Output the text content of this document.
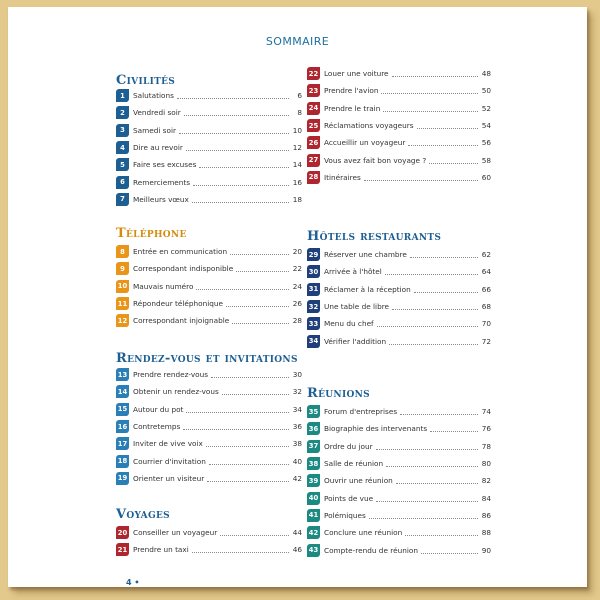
SOMMAIRE
Civilités
1	Salutations	6
2	Vendredi soir	8
3	Samedi soir	10
4	Dire au revoir	12
5	Faire ses excuses	14
6	Remerciements	16
7	Meilleurs vœux	18
Téléphone
8	Entrée en communication	20
9	Correspondant indisponible	22
10 Mauvais numéro	24
11 Répondeur téléphonique	26
12 Correspondant injoignable	28
Rendez-vous et invitations
13 Prendre rendez-vous	30
14 Obtenir un rendez-vous	32
15 Autour du pot	34
16 Contretemps	36
17 Inviter de vive voix	38
18 Courrier d'invitation	40
19 Orienter un visiteur	42
Voyages
20 Conseiller un voyageur	44
21 Prendre un taxi	46
22 Louer une voiture	48
23 Prendre l'avion	50
24 Prendre le train	52
25 Réclamations voyageurs	54
26 Accueillir un voyageur	56
27 Vous avez fait bon voyage ?	58
28 Itinéraires	60
Hôtels restaurants
29 Réserver une chambre	62
30 Arrivée à l'hôtel	64
31 Réclamer à la réception	66
32 Une table de libre	68
33 Menu du chef	70
34 Vérifier l'addition	72
Réunions
35 Forum d'entreprises	74
36 Biographie des intervenants	76
37 Ordre du jour	78
38 Salle de réunion	80
39 Ouvrir une réunion	82
40 Points de vue	84
41 Polémiques	86
42 Conclure une réunion	88
43 Compte-rendu de réunion	90
4 •
